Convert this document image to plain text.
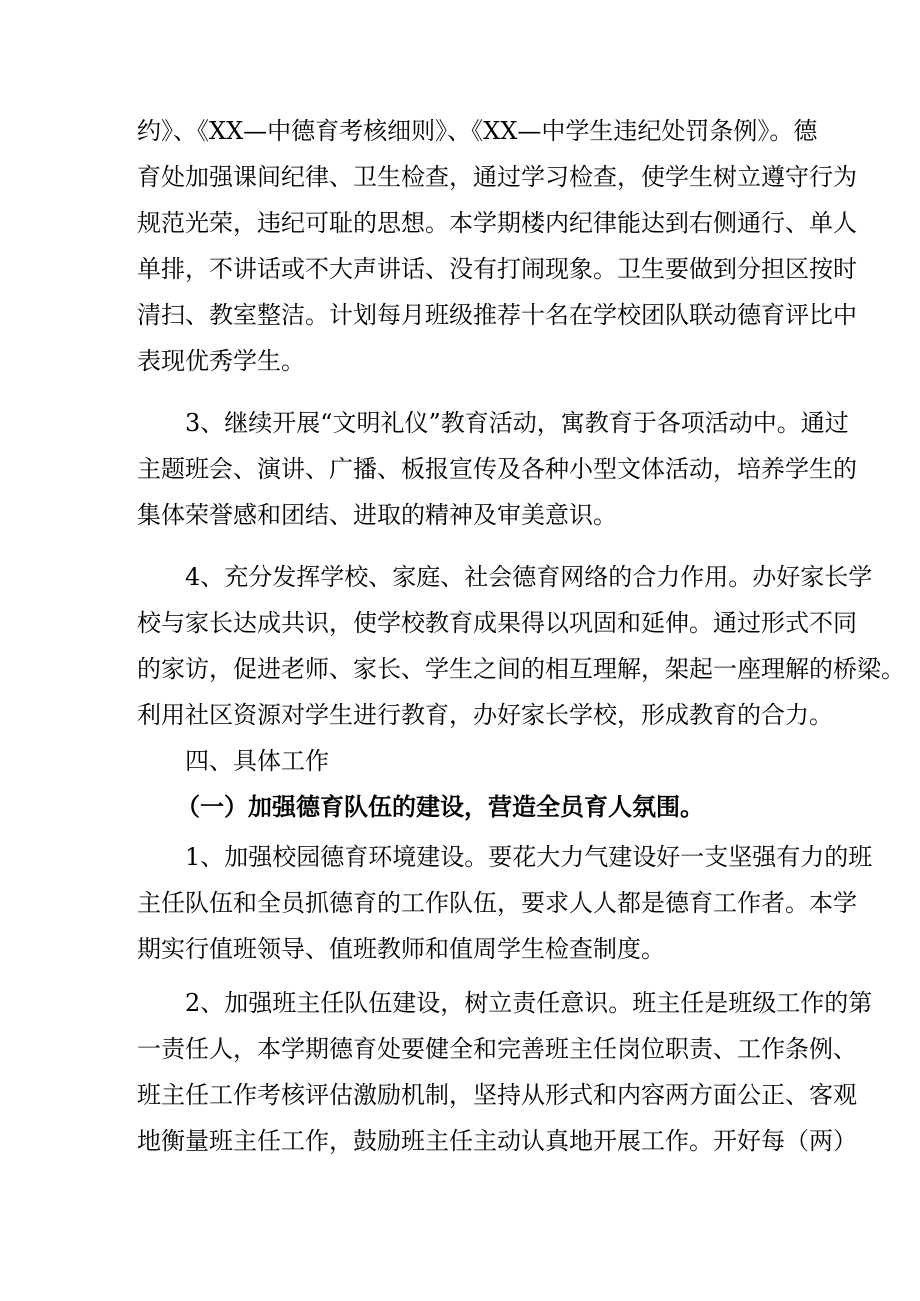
约》、《XX—中德育考核细则》、《XX—中学生违纪处罚条例》。德
育处加强课间纪律、卫生检查，通过学习检查，使学生树立遵守行为
规范光荣，违纪可耻的思想。本学期楼内纪律能达到右侧通行、单人
单排，不讲话或不大声讲话、没有打闹现象。卫生要做到分担区按时
清扫、教室整洁。计划每月班级推荐十名在学校团队联动德育评比中
表现优秀学生。
3、继续开展“文明礼仪”教育活动，寓教育于各项活动中。通过
主题班会、演讲、广播、板报宣传及各种小型文体活动，培养学生的
集体荣誉感和团结、进取的精神及审美意识。
4、充分发挥学校、家庭、社会德育网络的合力作用。办好家长学
校与家长达成共识，使学校教育成果得以巩固和延伸。通过形式不同
的家访，促进老师、家长、学生之间的相互理解，架起一座理解的桥梁。
利用社区资源对学生进行教育，办好家长学校，形成教育的合力。
四、具体工作
（一）加强德育队伍的建设，营造全员育人氛围。
1、加强校园德育环境建设。要花大力气建设好一支坚强有力的班
主任队伍和全员抓德育的工作队伍，要求人人都是德育工作者。本学
期实行值班领导、值班教师和值周学生检查制度。
2、加强班主任队伍建设，树立责任意识。班主任是班级工作的第
一责任人，本学期德育处要健全和完善班主任岗位职责、工作条例、
班主任工作考核评估激励机制，坚持从形式和内容两方面公正、客观
地衡量班主任工作，鼓励班主任主动认真地开展工作。开好每（两）
